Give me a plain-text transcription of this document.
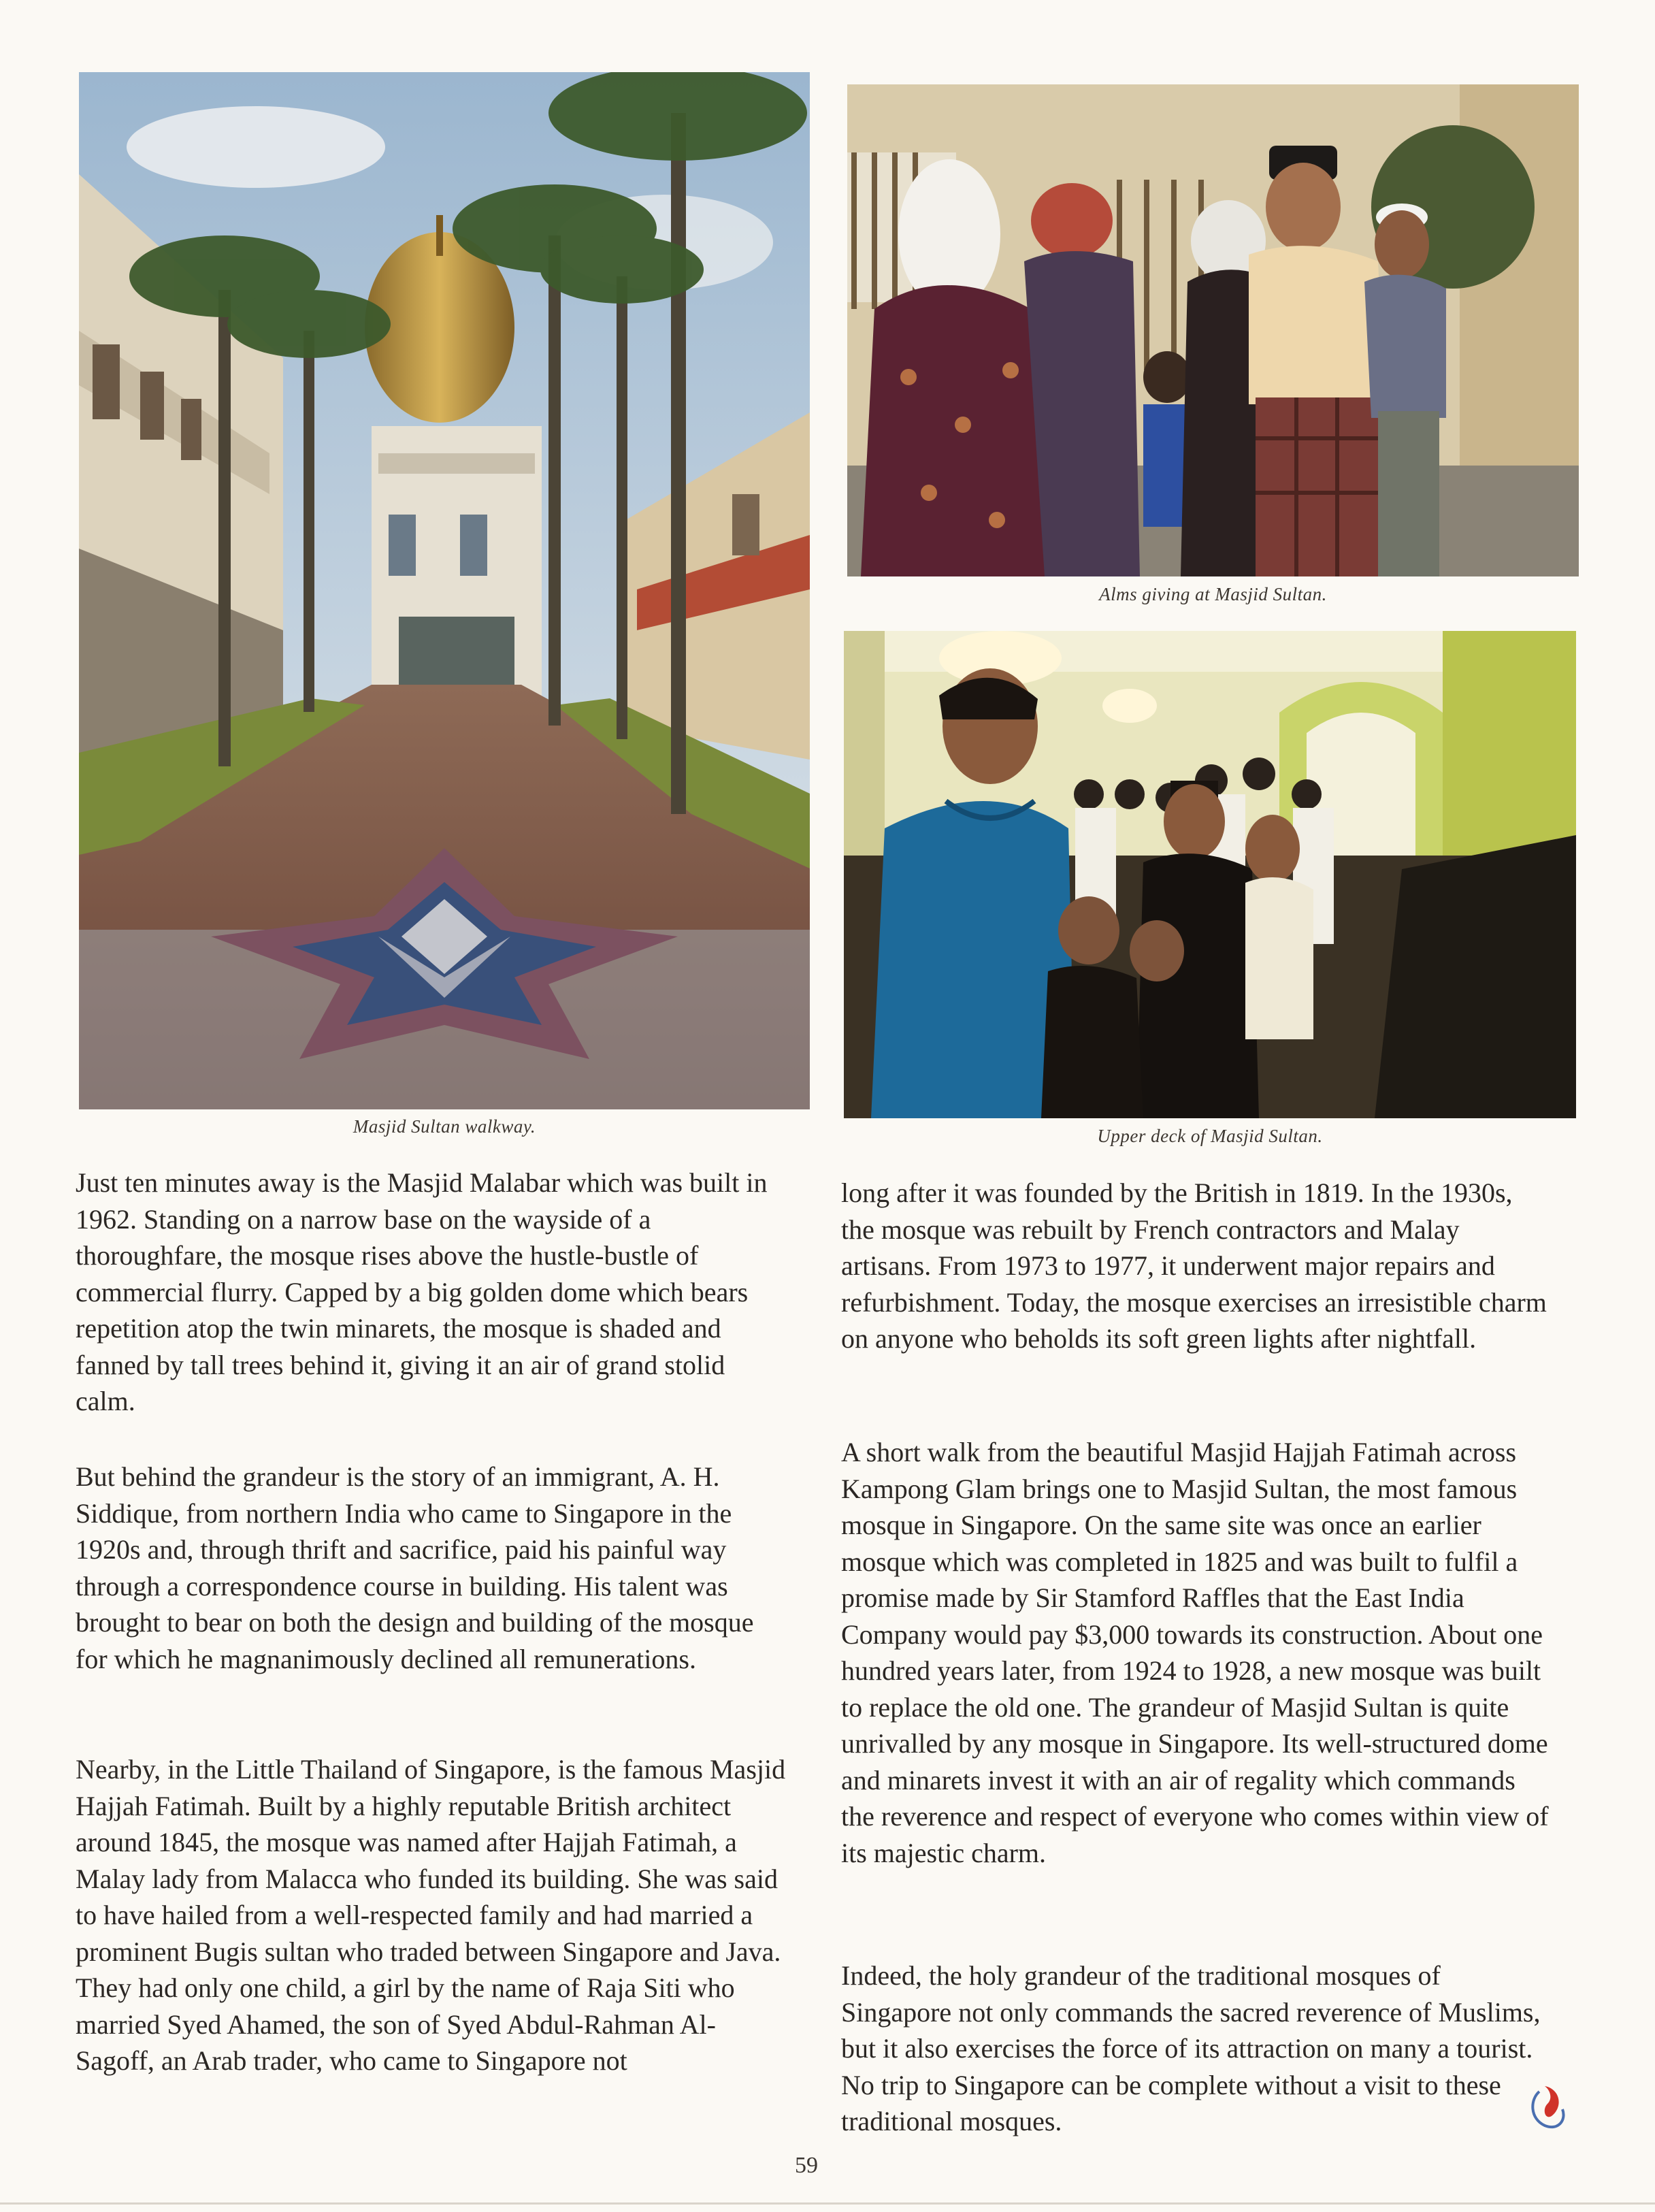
Masjid Sultan walkway.
Alms giving at Masjid Sultan.
Upper deck of Masjid Sultan.

Just ten minutes away is the Masjid Malabar which was built in 1962. Standing on a narrow base on the wayside of a thoroughfare, the mosque rises above the hustle-bustle of commercial flurry. Capped by a big golden dome which bears repetition atop the twin minarets, the mosque is shaded and fanned by tall trees behind it, giving it an air of grand stolid calm.

But behind the grandeur is the story of an immigrant, A. H. Siddique, from northern India who came to Singapore in the 1920s and, through thrift and sacrifice, paid his painful way through a correspondence course in building. His talent was brought to bear on both the design and building of the mosque for which he magnanimously declined all remunerations.

Nearby, in the Little Thailand of Singapore, is the famous Masjid Hajjah Fatimah. Built by a highly reputable British architect around 1845, the mosque was named after Hajjah Fatimah, a Malay lady from Malacca who funded its building. She was said to have hailed from a well-respected family and had married a prominent Bugis sultan who traded between Singapore and Java. They had only one child, a girl by the name of Raja Siti who married Syed Ahamed, the son of Syed Abdul-Rahman Al-Sagoff, an Arab trader, who came to Singapore not

long after it was founded by the British in 1819. In the 1930s, the mosque was rebuilt by French contractors and Malay artisans. From 1973 to 1977, it underwent major repairs and refurbishment. Today, the mosque exercises an irresistible charm on anyone who beholds its soft green lights after nightfall.

A short walk from the beautiful Masjid Hajjah Fatimah across Kampong Glam brings one to Masjid Sultan, the most famous mosque in Singapore. On the same site was once an earlier mosque which was completed in 1825 and was built to fulfil a promise made by Sir Stamford Raffles that the East India Company would pay $3,000 towards its construction. About one hundred years later, from 1924 to 1928, a new mosque was built to replace the old one. The grandeur of Masjid Sultan is quite unrivalled by any mosque in Singapore. Its well-structured dome and minarets invest it with an air of regality which commands the reverence and respect of everyone who comes within view of its majestic charm.

Indeed, the holy grandeur of the traditional mosques of Singapore not only commands the sacred reverence of Muslims, but it also exercises the force of its attraction on many a tourist. No trip to Singapore can be complete without a visit to these traditional mosques.

59
